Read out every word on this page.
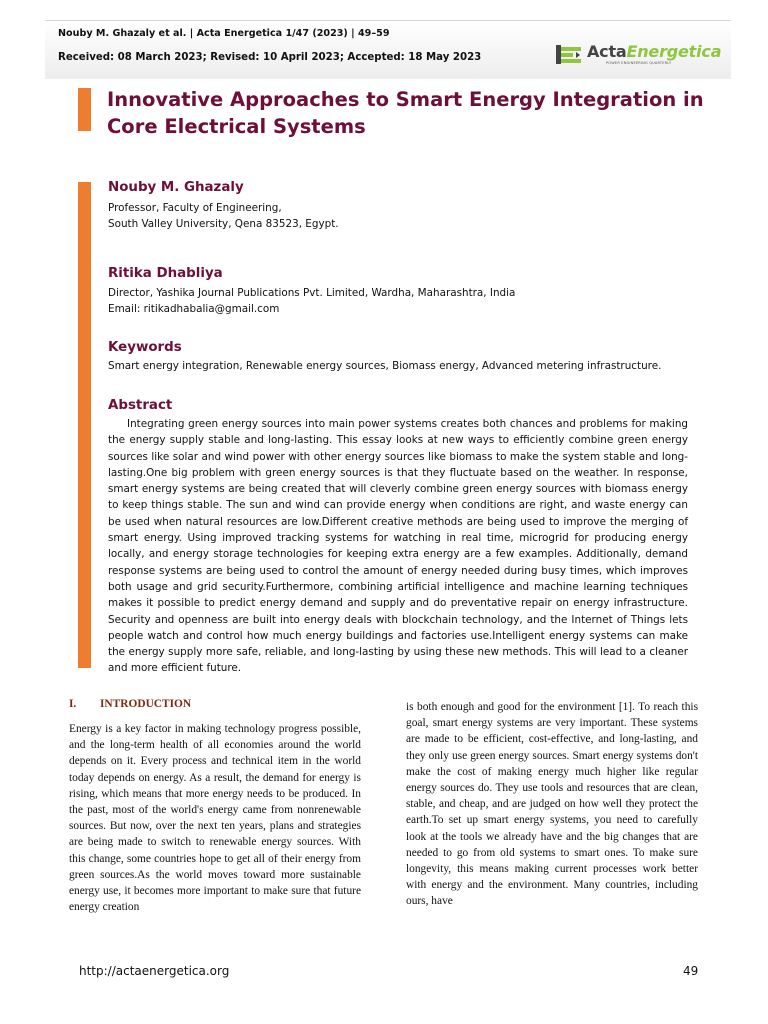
Nouby M. Ghazaly et al. | Acta Energetica 1/47 (2023) | 49–59
Received: 08 March 2023; Revised: 10 April 2023; Accepted: 18 May 2023	ActaEnergetica
POWER ENGINEERING QUARTERLY
Innovative Approaches to Smart Energy Integration in Core Electrical Systems
Nouby M. Ghazaly
Professor, Faculty of Engineering,
South Valley University, Qena 83523, Egypt.
Ritika Dhabliya
Director, Yashika Journal Publications Pvt. Limited, Wardha, Maharashtra, India
Email: ritikadhabalia@gmail.com
Keywords
Smart energy integration, Renewable energy sources, Biomass energy, Advanced metering infrastructure.
Abstract

Integrating green energy sources into main power systems creates both chances and problems for making the energy supply stable and long-lasting. This essay looks at new ways to efficiently combine green energy sources like solar and wind power with other energy sources like biomass to make the system stable and long-lasting.One big problem with green energy sources is that they fluctuate based on the weather. In response, smart energy systems are being created that will cleverly combine green energy sources with biomass energy to keep things stable. The sun and wind can provide energy when conditions are right, and waste energy can be used when natural resources are low.Different creative methods are being used to improve the merging of smart energy. Using improved tracking systems for watching in real time, microgrid for producing energy locally, and energy storage technologies for keeping extra energy are a few examples. Additionally, demand response systems are being used to control the amount of energy needed during busy times, which improves both usage and grid security.Furthermore, combining artificial intelligence and machine learning techniques makes it possible to predict energy demand and supply and do preventative repair on energy infrastructure. Security and openness are built into energy deals with blockchain technology, and the Internet of Things lets people watch and control how much energy buildings and factories use.Intelligent energy systems can make the energy supply more safe, reliable, and long-lasting by using these new methods. This will lead to a cleaner and more efficient future.

I. INTRODUCTION

Energy is a key factor in making technology progress possible, and the long-term health of all economies around the world depends on it. Every process and technical item in the world today depends on energy. As a result, the demand for energy is rising, which means that more energy needs to be produced. In the past, most of the world's energy came from nonrenewable sources. But now, over the next ten years, plans and strategies are being made to switch to renewable energy sources. With this change, some countries hope to get all of their energy from green sources.As the world moves toward more sustainable energy use, it becomes more important to make sure that future energy creation

is both enough and good for the environment [1]. To reach this goal, smart energy systems are very important. These systems are made to be efficient, cost-effective, and long-lasting, and they only use green energy sources. Smart energy systems don't make the cost of making energy much higher like regular energy sources do. They use tools and resources that are clean, stable, and cheap, and are judged on how well they protect the earth.To set up smart energy systems, you need to carefully look at the tools we already have and the big changes that are needed to go from old systems to smart ones. To make sure longevity, this means making current processes work better with energy and the environment. Many countries, including ours, have

http://actaenergetica.org	49
